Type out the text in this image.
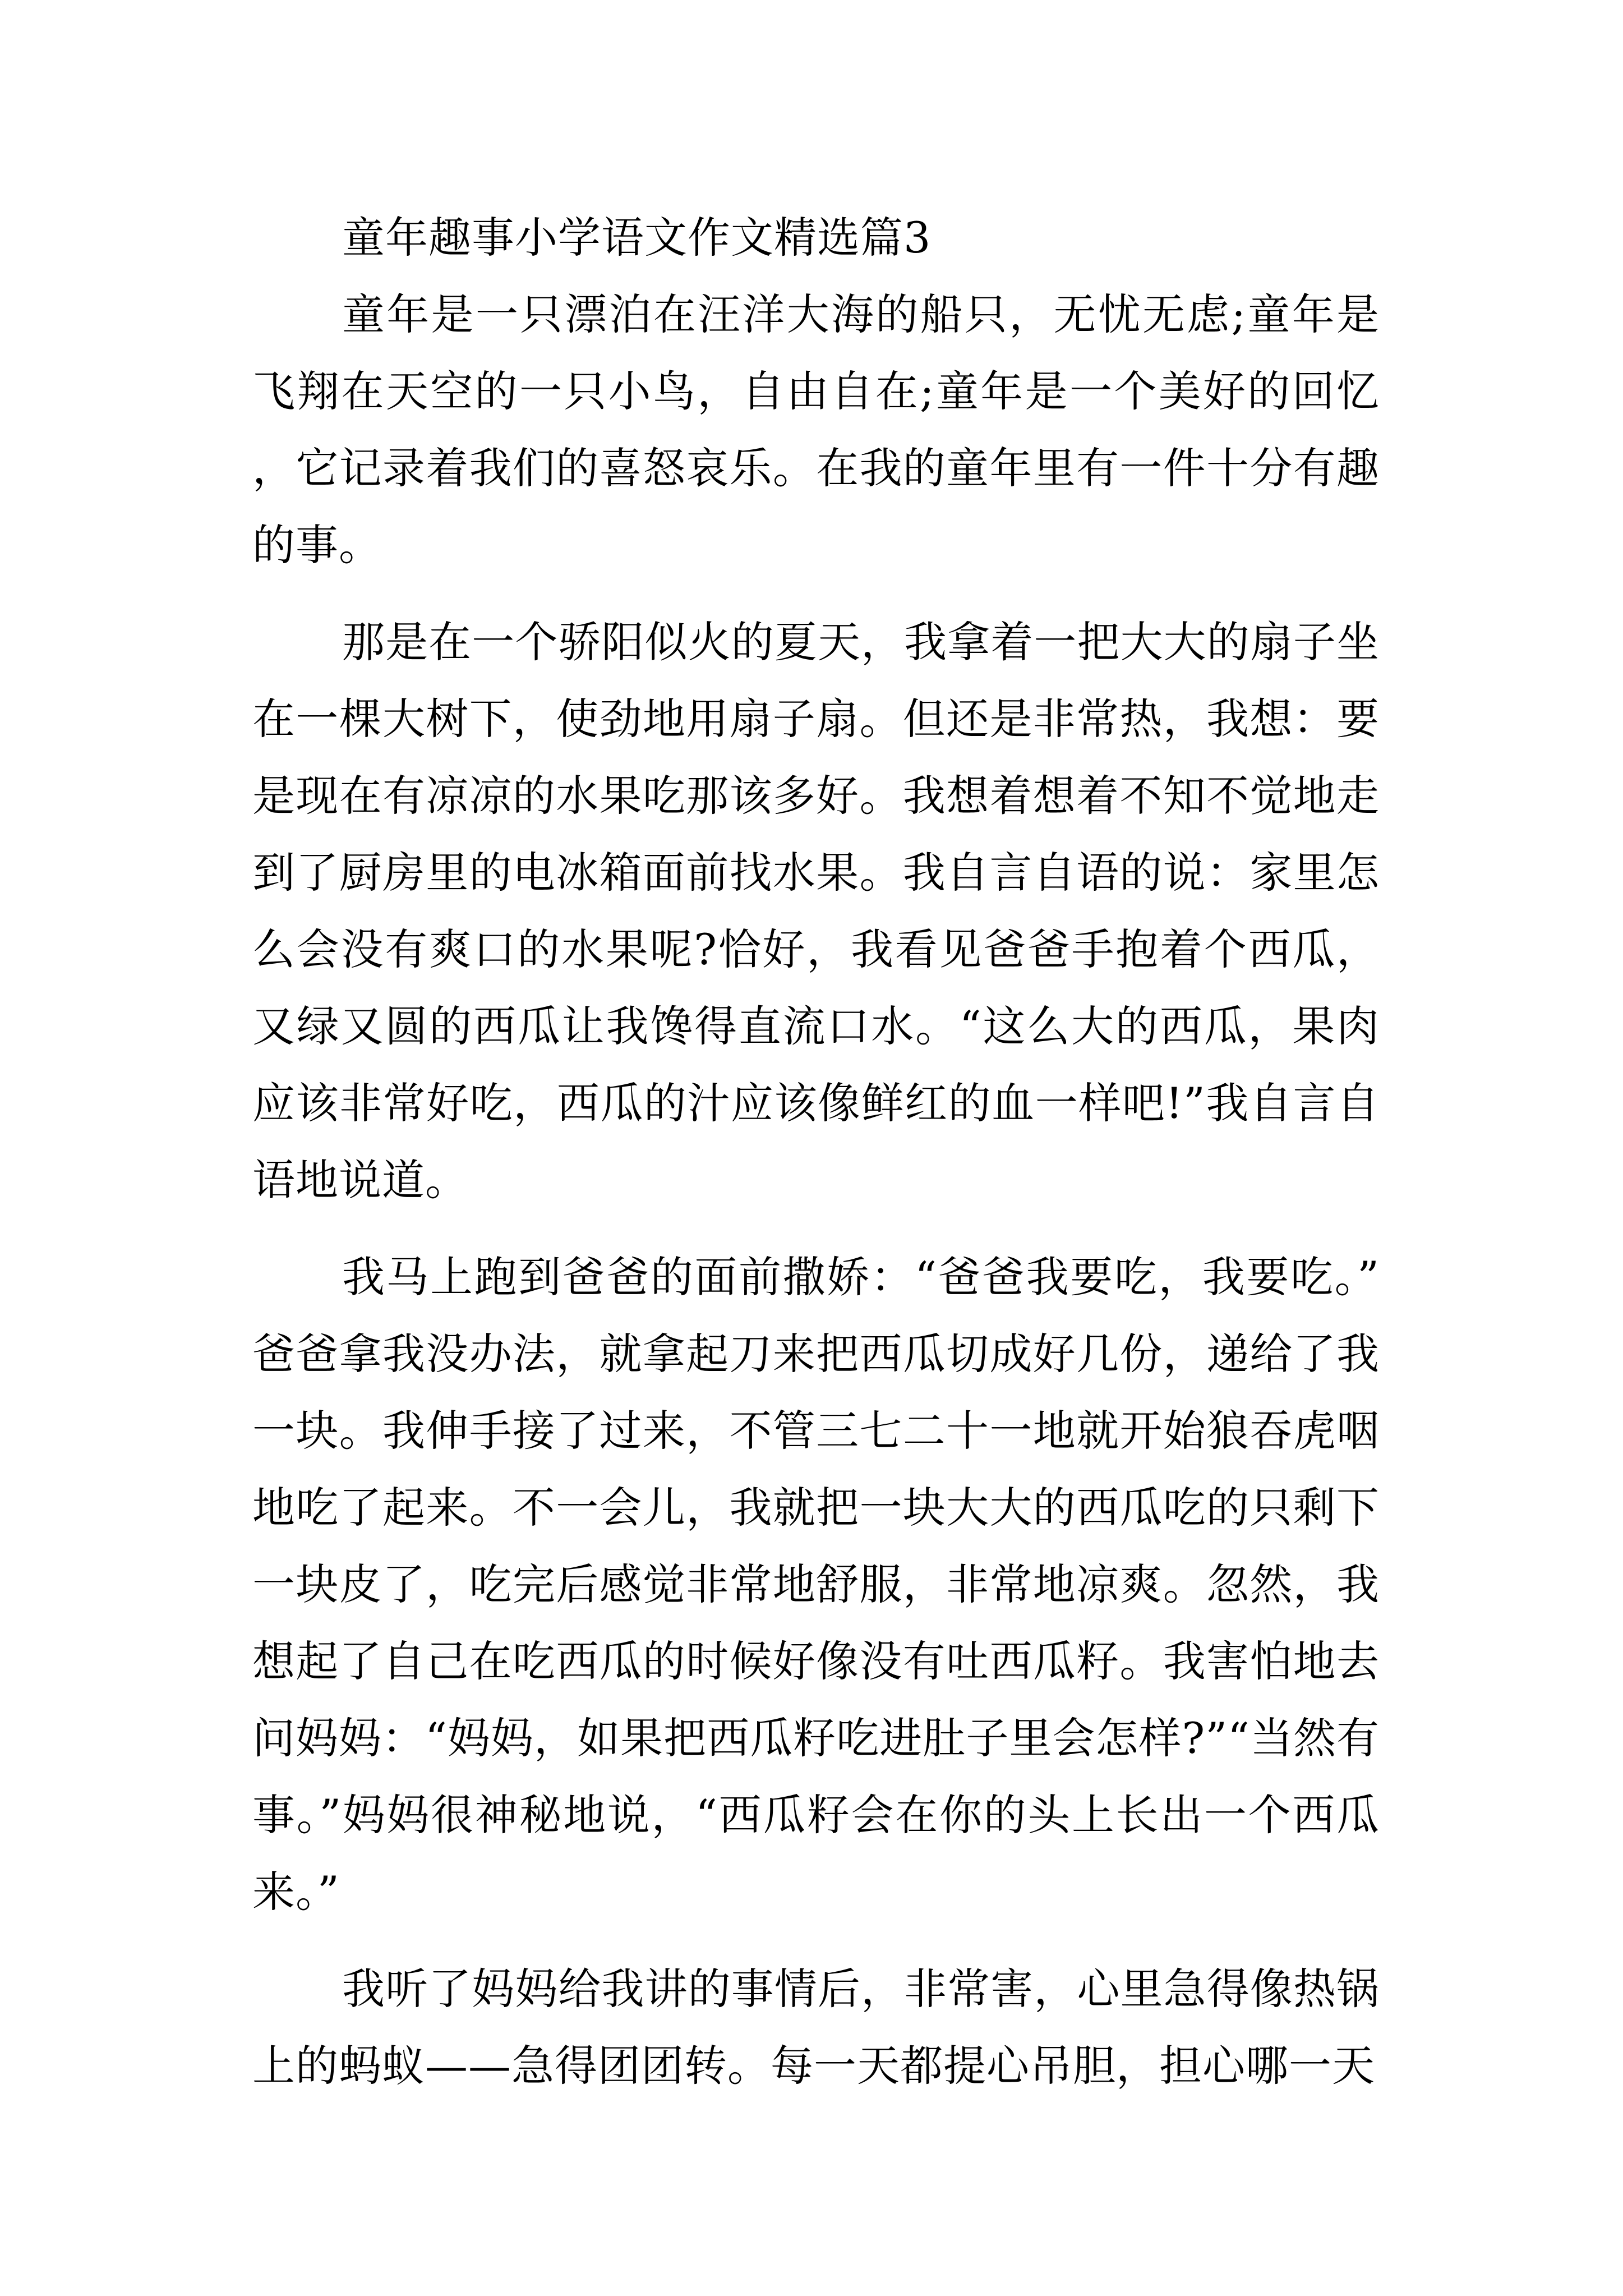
童年趣事小学语文作文精选篇3

童年是一只漂泊在汪洋大海的船只，无忧无虑;童年是飞翔在天空的一只小鸟，自由自在;童年是一个美好的回忆，它记录着我们的喜怒哀乐。在我的童年里有一件十分有趣的事。

那是在一个骄阳似火的夏天，我拿着一把大大的扇子坐在一棵大树下，使劲地用扇子扇。但还是非常热，我想：要是现在有凉凉的水果吃那该多好。我想着想着不知不觉地走到了厨房里的电冰箱面前找水果。我自言自语的说：家里怎么会没有爽口的水果呢?恰好，我看见爸爸手抱着个西瓜，又绿又圆的西瓜让我馋得直流口水。“这么大的西瓜，果肉应该非常好吃，西瓜的汁应该像鲜红的血一样吧!”我自言自语地说道。

我马上跑到爸爸的面前撒娇：“爸爸我要吃，我要吃。”爸爸拿我没办法，就拿起刀来把西瓜切成好几份，递给了我一块。我伸手接了过来，不管三七二十一地就开始狼吞虎咽地吃了起来。不一会儿，我就把一块大大的西瓜吃的只剩下一块皮了，吃完后感觉非常地舒服，非常地凉爽。忽然，我想起了自己在吃西瓜的时候好像没有吐西瓜籽。我害怕地去问妈妈：“妈妈，如果把西瓜籽吃进肚子里会怎样?”“当然有事。”妈妈很神秘地说，“西瓜籽会在你的头上长出一个西瓜来。”

我听了妈妈给我讲的事情后，非常害，心里急得像热锅上的蚂蚁——急得团团转。每一天都提心吊胆，担心哪一天
